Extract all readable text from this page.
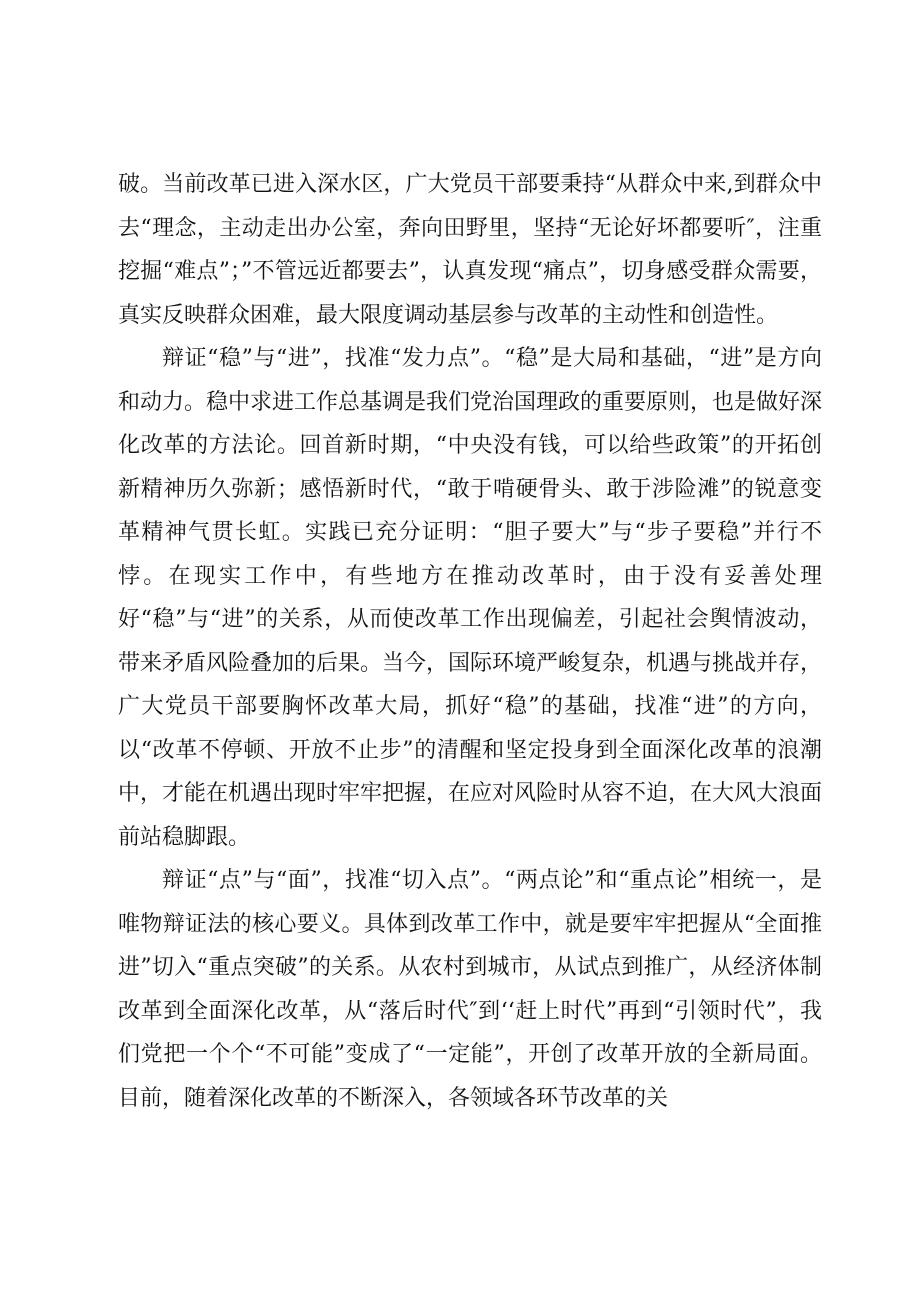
破。当前改革已进入深水区，广大党员干部要秉持“从群众中来,到群众中去“理念，主动走出办公室，奔向田野里，坚持“无论好坏都要听″，注重挖掘“难点”；”不管远近都要去”，认真发现“痛点”，切身感受群众需要，真实反映群众困难，最大限度调动基层参与改革的主动性和创造性。

辩证“稳”与“进”，找准“发力点”。“稳”是大局和基础，“进”是方向和动力。稳中求进工作总基调是我们党治国理政的重要原则，也是做好深化改革的方法论。回首新时期，“中央没有钱，可以给些政策”的开拓创新精神历久弥新；感悟新时代，“敢于啃硬骨头、敢于涉险滩”的锐意变革精神气贯长虹。实践已充分证明：“胆子要大”与“步子要稳”并行不悖。在现实工作中，有些地方在推动改革时，由于没有妥善处理好“稳”与“进”的关系，从而使改革工作出现偏差，引起社会舆情波动，带来矛盾风险叠加的后果。当今，国际环境严峻复杂，机遇与挑战并存，广大党员干部要胸怀改革大局，抓好“稳”的基础，找准“进”的方向，以“改革不停顿、开放不止步”的清醒和坚定投身到全面深化改革的浪潮中，才能在机遇出现时牢牢把握，在应对风险时从容不迫，在大风大浪面前站稳脚跟。

辩证“点”与“面”，找准“切入点”。“两点论”和“重点论”相统一，是唯物辩证法的核心要义。具体到改革工作中，就是要牢牢把握从“全面推进”切入“重点突破”的关系。从农村到城市，从试点到推广，从经济体制改革到全面深化改革，从“落后时代″到‘‘赶上时代”再到“引领时代”，我们党把一个个“不可能”变成了“一定能”，开创了改革开放的全新局面。目前，随着深化改革的不断深入，各领域各环节改革的关
